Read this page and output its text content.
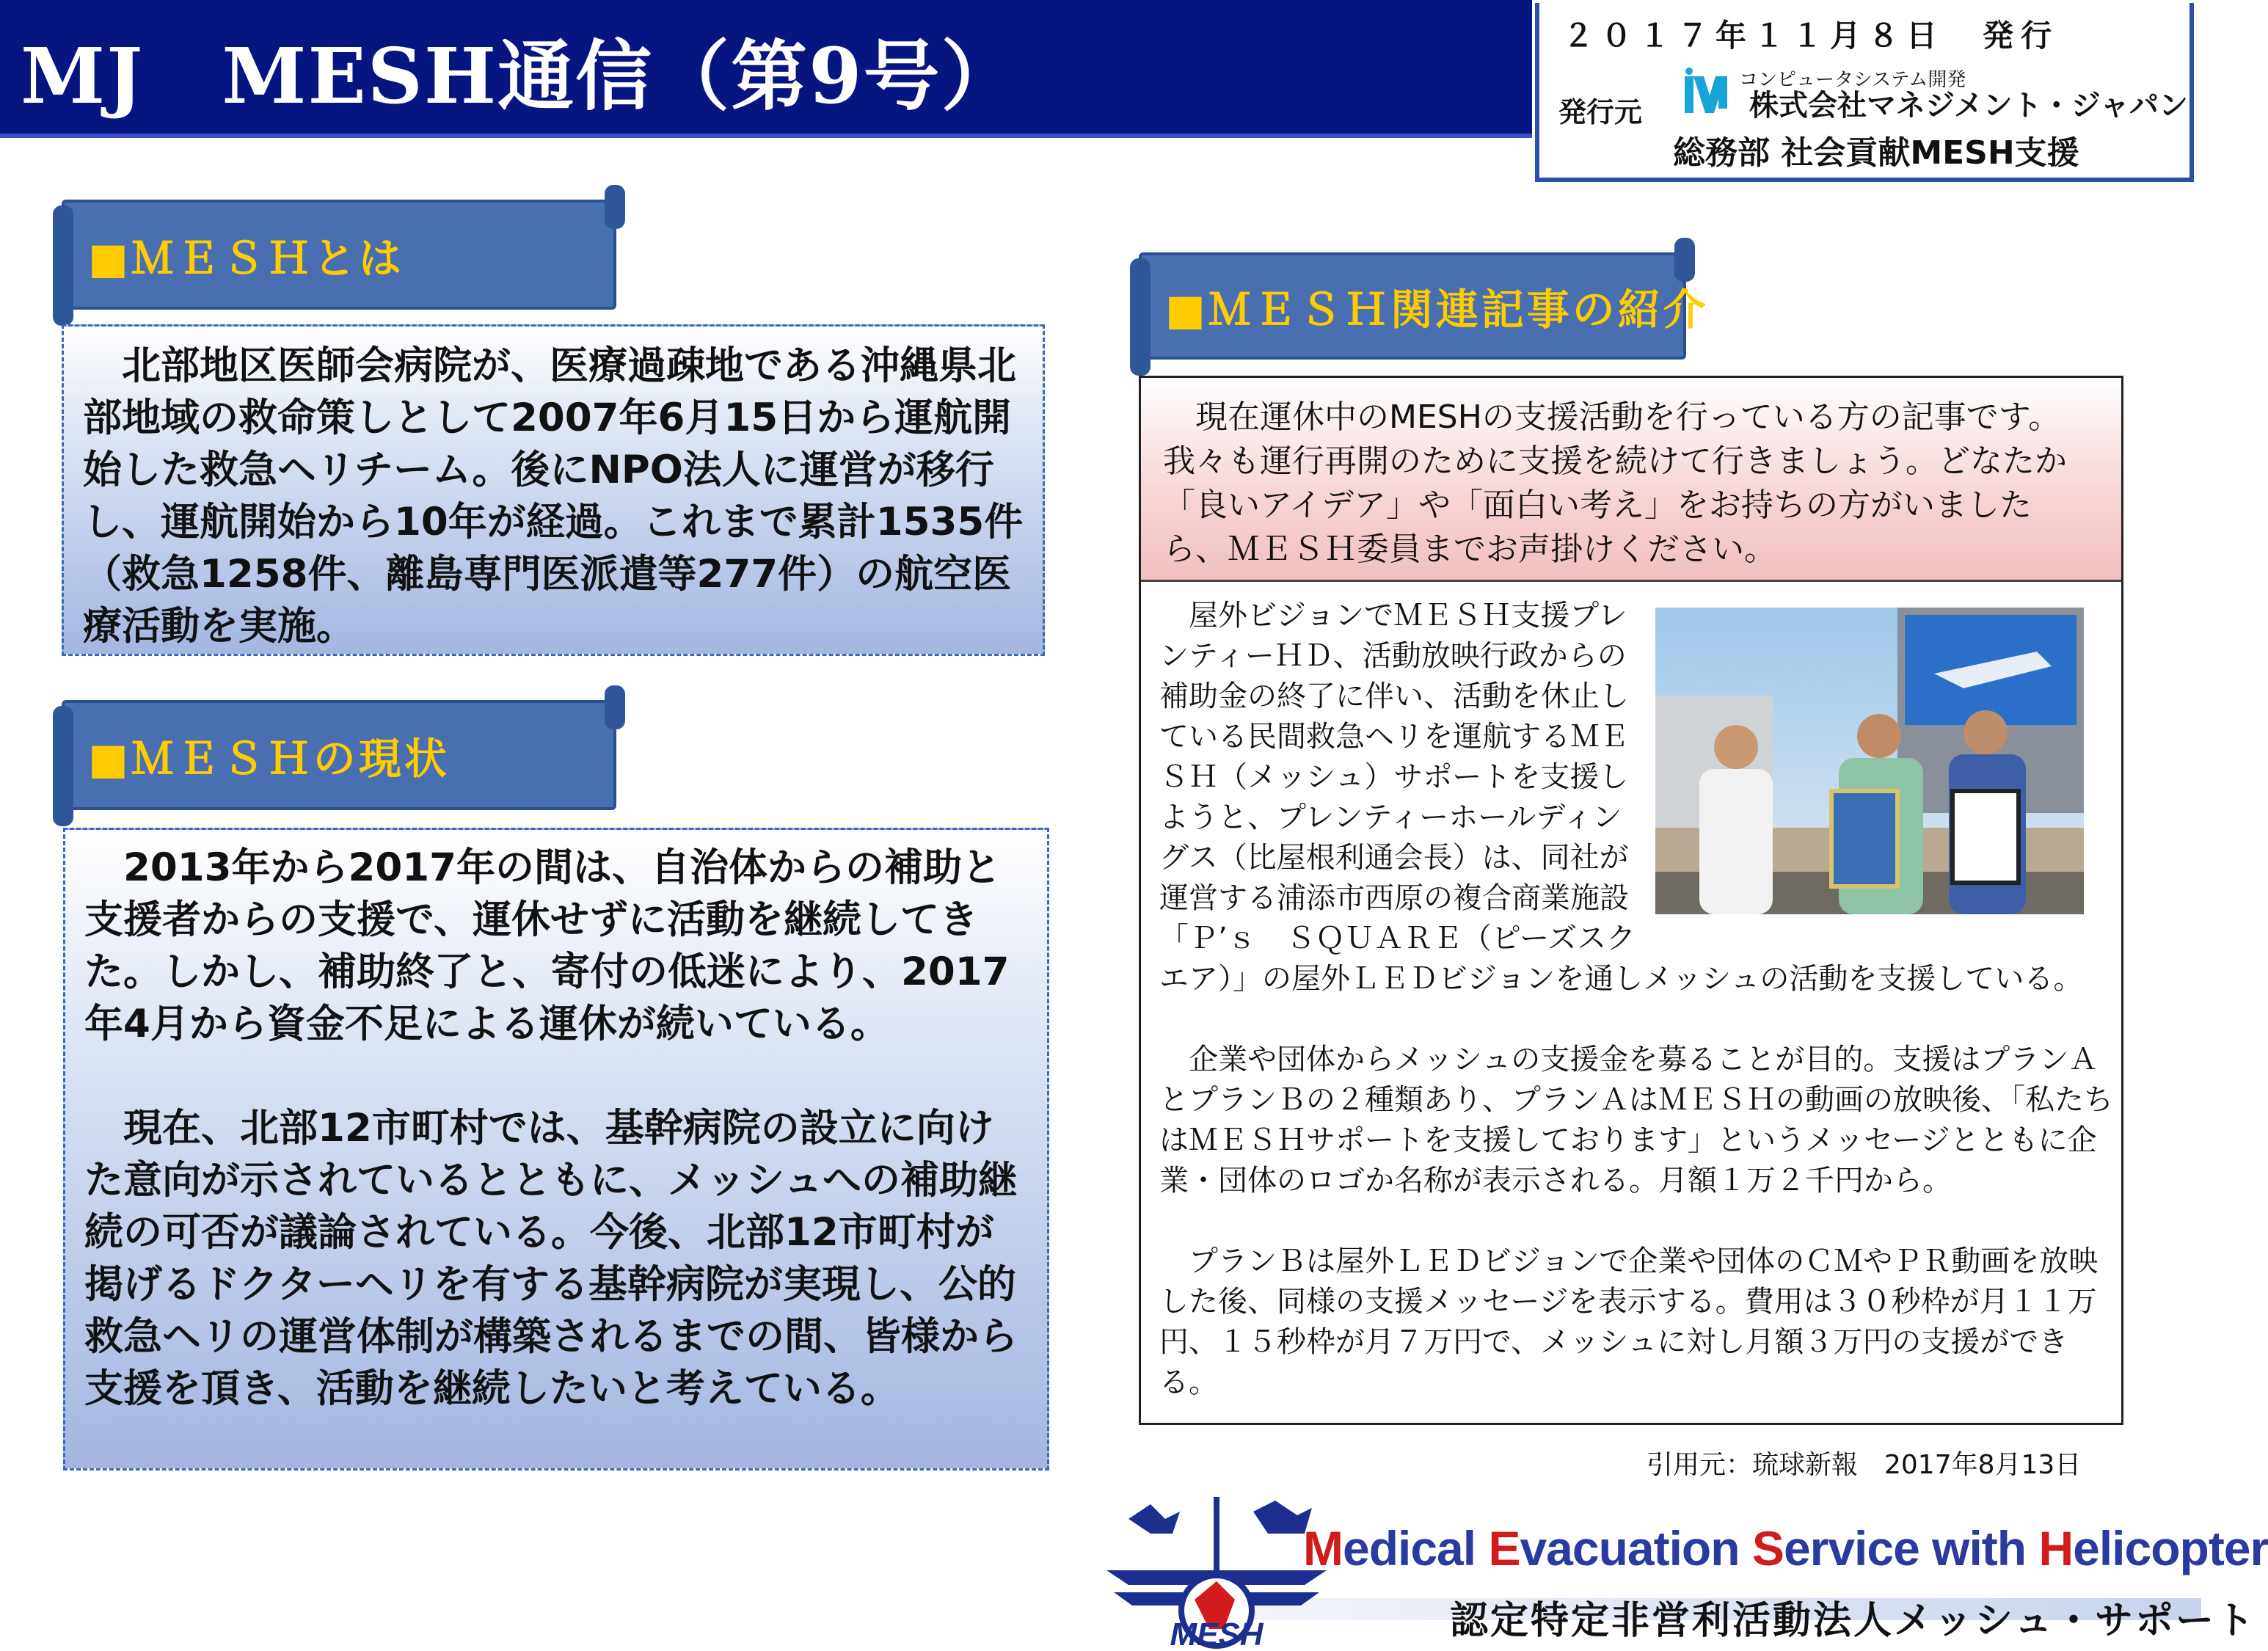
MJ　MESH通信（第9号）	２０１７年１１月８日　発行
発行元
コンピュータシステム開発
株式会社マネジメント・ジャパン
総務部 社会貢献MESH支援
■ＭＥＳＨとは

北部地区医師会病院が、医療過疎地である沖縄県北部地域の救命策しとして2007年6月15日から運航開始した救急ヘリチーム。後にNPO法人に運営が移行し、運航開始から10年が経過。これまで累計1535件（救急1258件、離島専門医派遣等277件）の航空医療活動を実施。

■ＭＥＳＨの現状

2013年から2017年の間は、自治体からの補助と支援者からの支援で、運休せずに活動を継続してきた。しかし、補助終了と、寄付の低迷により、2017年4月から資金不足による運休が続いている。

現在、北部12市町村では、基幹病院の設立に向けた意向が示されているとともに、メッシュへの補助継続の可否が議論されている。今後、北部12市町村が掲げるドクターヘリを有する基幹病院が実現し、公的救急ヘリの運営体制が構築されるまでの間、皆様から支援を頂き、活動を継続したいと考えている。

■ＭＥＳＨ関連記事の紹介

現在運休中のMESHの支援活動を行っている方の記事です。我々も運行再開のために支援を続けて行きましょう。どなたか「良いアイデア」や「面白い考え」をお持ちの方がいましたら、ＭＥＳＨ委員までお声掛けください。

屋外ビジョンでＭＥＳＨ支援プレンティーＨＤ、活動放映行政からの補助金の終了に伴い、活動を休止している民間救急ヘリを運航するＭＥＳＨ（メッシュ）サポートを支援しようと、プレンティーホールディングス（比屋根利通会長）は、同社が運営する浦添市西原の複合商業施設「Ｐ’ｓ　ＳＱＵＡＲＥ（ピーズスクエア）」の屋外ＬＥＤビジョンを通しメッシュの活動を支援している。

企業や団体からメッシュの支援金を募ることが目的。支援はプランＡとプランＢの２種類あり、プランＡはＭＥＳＨの動画の放映後、「私たちはＭＥＳＨサポートを支援しております」というメッセージとともに企業・団体のロゴか名称が表示される。月額１万２千円から。

プランＢは屋外ＬＥＤビジョンで企業や団体のＣＭやＰＲ動画を放映した後、同様の支援メッセージを表示する。費用は３０秒枠が月１１万円、１５秒枠が月７万円で、メッシュに対し月額３万円の支援ができる。

引用元：琉球新報　2017年8月13日
MESH
Medical Evacuation Service with Helicopter
認定特定非営利活動法人メッシュ・サポート
